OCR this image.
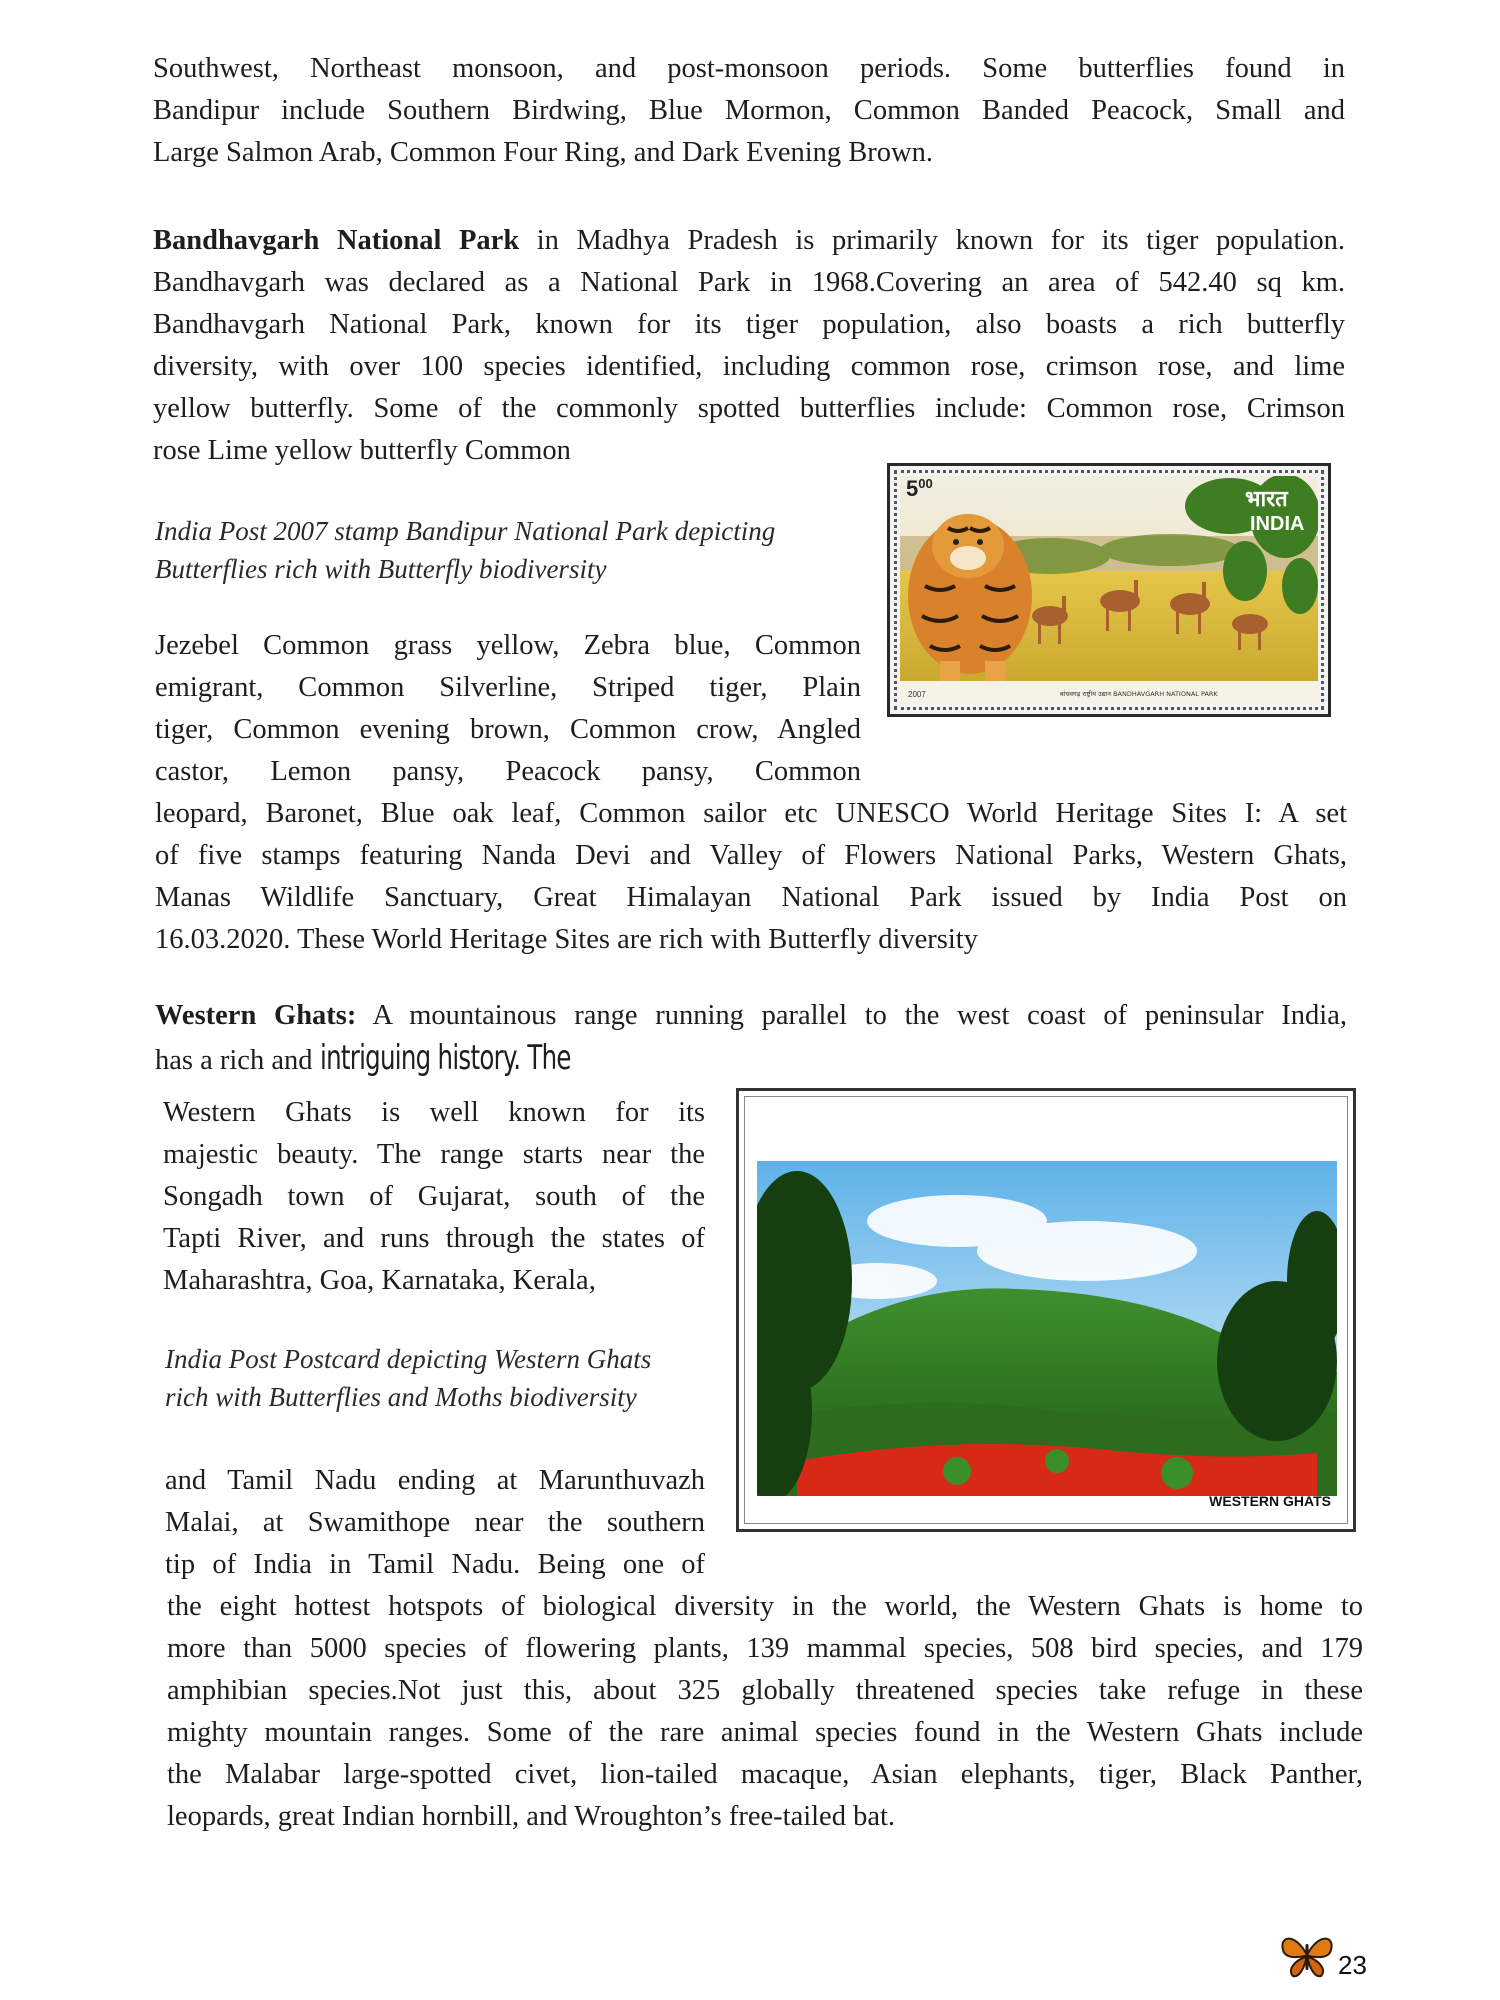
Southwest, Northeast monsoon, and post-monsoon periods. Some butterflies found in
Bandipur include Southern Birdwing, Blue Mormon, Common Banded Peacock, Small and
Large Salmon Arab, Common Four Ring, and Dark Evening Brown.
Bandhavgarh National Park in Madhya Pradesh is primarily known for its tiger population.
Bandhavgarh was declared as a National Park in 1968.Covering an area of 542.40 sq km.
Bandhavgarh National Park, known for its tiger population, also boasts a rich butterfly
diversity, with over 100 species identified, including common rose, crimson rose, and lime
yellow butterfly. Some of the commonly spotted butterflies include: Common rose, Crimson
rose Lime yellow butterfly Common
India Post 2007 stamp Bandipur National Park depicting
Butterflies rich with Butterfly biodiversity
$5^{00}$
भारत
INDIA
2007	बांधवगढ़ राष्ट्रीय उद्यान BANDHAVGARH NATIONAL PARK
Jezebel Common grass yellow, Zebra blue, Common
emigrant, Common Silverline, Striped tiger, Plain
tiger, Common evening brown, Common crow, Angled
castor, Lemon pansy, Peacock pansy, Common
leopard, Baronet, Blue oak leaf, Common sailor etc UNESCO World Heritage Sites I: A set
of five stamps featuring Nanda Devi and Valley of Flowers National Parks, Western Ghats,
Manas Wildlife Sanctuary, Great Himalayan National Park issued by India Post on
16.03.2020. These World Heritage Sites are rich with Butterfly diversity
Western Ghats: A mountainous range running parallel to the west coast of peninsular India,
has a rich and intriguing history. The
Western Ghats is well known for its
majestic beauty. The range starts near the
Songadh town of Gujarat, south of the
Tapti River, and runs through the states of
Maharashtra, Goa, Karnataka, Kerala,
India Post Postcard depicting Western Ghats
rich with Butterflies and Moths biodiversity
and Tamil Nadu ending at Marunthuvazh
Malai, at Swamithope near the southern
tip of India in Tamil Nadu. Being one of
the eight hottest hotspots of biological diversity in the world, the Western Ghats is home to
more than 5000 species of flowering plants, 139 mammal species, 508 bird species, and 179
amphibian species.Not just this, about 325 globally threatened species take refuge in these
mighty mountain ranges. Some of the rare animal species found in the Western Ghats include
the Malabar large-spotted civet, lion-tailed macaque, Asian elephants, tiger, Black Panther,
leopards, great Indian hornbill, and Wroughton’s free-tailed bat.
WESTERN GHATS
23
